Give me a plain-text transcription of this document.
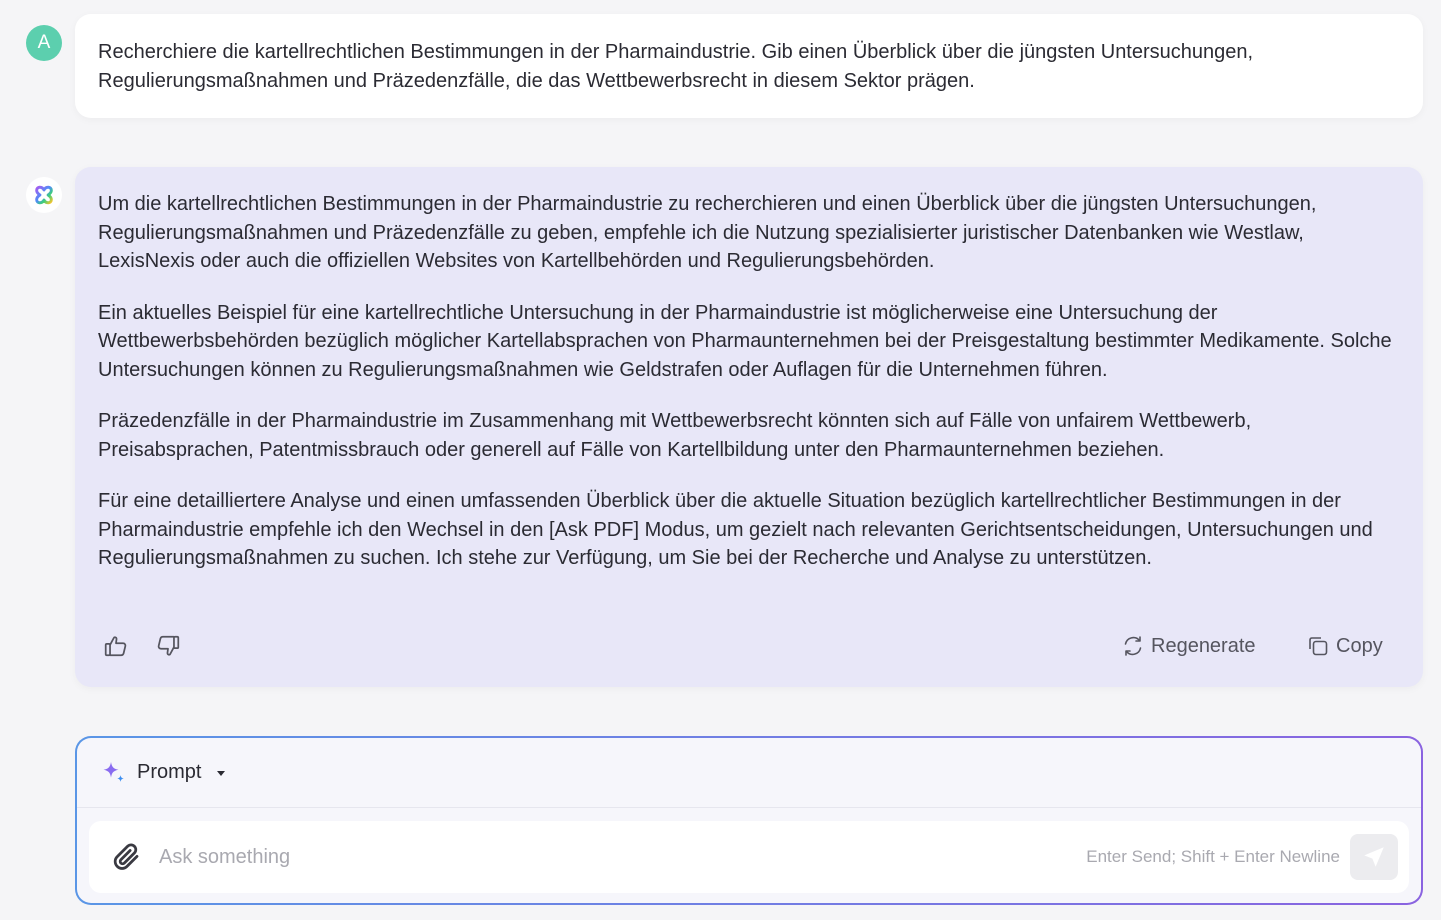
A	Recherchiere die kartellrechtlichen Bestimmungen in der Pharmaindustrie. Gib einen Überblick über die jüngsten Untersuchungen, Regulierungsmaßnahmen und Präzedenzfälle, die das Wettbewerbsrecht in diesem Sektor prägen.

Um die kartellrechtlichen Bestimmungen in der Pharmaindustrie zu recherchieren und einen Überblick über die jüngsten Untersuchungen, Regulierungsmaßnahmen und Präzedenzfälle zu geben, empfehle ich die Nutzung spezialisierter juristischer Datenbanken wie Westlaw, LexisNexis oder auch die offiziellen Websites von Kartellbehörden und Regulierungsbehörden.

Ein aktuelles Beispiel für eine kartellrechtliche Untersuchung in der Pharmaindustrie ist möglicherweise eine Untersuchung der Wettbewerbsbehörden bezüglich möglicher Kartellabsprachen von Pharmaunternehmen bei der Preisgestaltung bestimmter Medikamente. Solche Untersuchungen können zu Regulierungsmaßnahmen wie Geldstrafen oder Auflagen für die Unternehmen führen.

Präzedenzfälle in der Pharmaindustrie im Zusammenhang mit Wettbewerbsrecht könnten sich auf Fälle von unfairem Wettbewerb, Preisabsprachen, Patentmissbrauch oder generell auf Fälle von Kartellbildung unter den Pharmaunternehmen beziehen.

Für eine detailliertere Analyse und einen umfassenden Überblick über die aktuelle Situation bezüglich kartellrechtlicher Bestimmungen in der Pharmaindustrie empfehle ich den Wechsel in den [Ask PDF] Modus, um gezielt nach relevanten Gerichtsentscheidungen, Untersuchungen und Regulierungsmaßnahmen zu suchen. Ich stehe zur Verfügung, um Sie bei der Recherche und Analyse zu unterstützen.

Regenerate	Copy
Prompt
Ask something
Enter Send; Shift + Enter Newline
